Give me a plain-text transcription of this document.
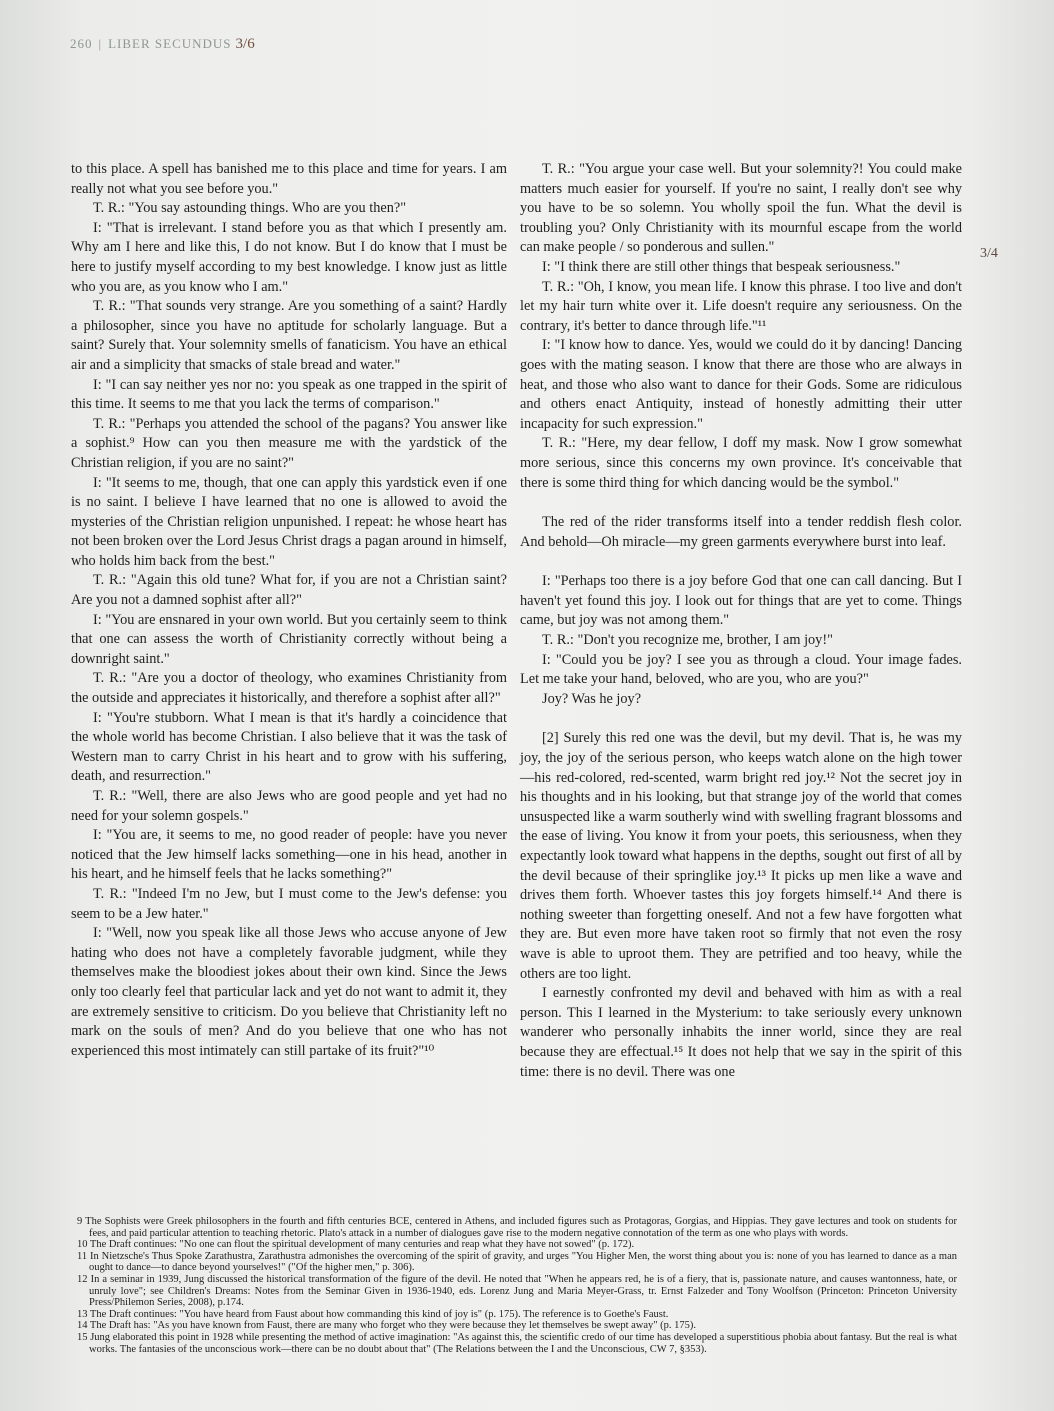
260 | LIBER SECUNDUS 3/6

to this place. A spell has banished me to this place and time for years. I am really not what you see before you."

T. R.: "You say astounding things. Who are you then?"

I: "That is irrelevant. I stand before you as that which I presently am. Why am I here and like this, I do not know. But I do know that I must be here to justify myself according to my best knowledge. I know just as little who you are, as you know who I am."

T. R.: "That sounds very strange. Are you something of a saint? Hardly a philosopher, since you have no aptitude for scholarly language. But a saint? Surely that. Your solemnity smells of fanaticism. You have an ethical air and a simplicity that smacks of stale bread and water."

I: "I can say neither yes nor no: you speak as one trapped in the spirit of this time. It seems to me that you lack the terms of comparison."

T. R.: "Perhaps you attended the school of the pagans? You answer like a sophist.⁹ How can you then measure me with the yardstick of the Christian religion, if you are no saint?"

I: "It seems to me, though, that one can apply this yardstick even if one is no saint. I believe I have learned that no one is allowed to avoid the mysteries of the Christian religion unpunished. I repeat: he whose heart has not been broken over the Lord Jesus Christ drags a pagan around in himself, who holds him back from the best."

T. R.: "Again this old tune? What for, if you are not a Christian saint? Are you not a damned sophist after all?"

I: "You are ensnared in your own world. But you certainly seem to think that one can assess the worth of Christianity correctly without being a downright saint."

T. R.: "Are you a doctor of theology, who examines Christianity from the outside and appreciates it historically, and therefore a sophist after all?"

I: "You're stubborn. What I mean is that it's hardly a coincidence that the whole world has become Christian. I also believe that it was the task of Western man to carry Christ in his heart and to grow with his suffering, death, and resurrection."

T. R.: "Well, there are also Jews who are good people and yet had no need for your solemn gospels."

I: "You are, it seems to me, no good reader of people: have you never noticed that the Jew himself lacks something—one in his head, another in his heart, and he himself feels that he lacks something?"

T. R.: "Indeed I'm no Jew, but I must come to the Jew's defense: you seem to be a Jew hater."

I: "Well, now you speak like all those Jews who accuse anyone of Jew hating who does not have a completely favorable judgment, while they themselves make the bloodiest jokes about their own kind. Since the Jews only too clearly feel that particular lack and yet do not want to admit it, they are extremely sensitive to criticism. Do you believe that Christianity left no mark on the souls of men? And do you believe that one who has not experienced this most intimately can still partake of its fruit?"¹⁰

T. R.: "You argue your case well. But your solemnity?! You could make matters much easier for yourself. If you're no saint, I really don't see why you have to be so solemn. You wholly spoil the fun. What the devil is troubling you? Only Christianity with its mournful escape from the world can make people / so ponderous and sullen."

I: "I think there are still other things that bespeak seriousness."

T. R.: "Oh, I know, you mean life. I know this phrase. I too live and don't let my hair turn white over it. Life doesn't require any seriousness. On the contrary, it's better to dance through life."¹¹

I: "I know how to dance. Yes, would we could do it by dancing! Dancing goes with the mating season. I know that there are those who are always in heat, and those who also want to dance for their Gods. Some are ridiculous and others enact Antiquity, instead of honestly admitting their utter incapacity for such expression."

T. R.: "Here, my dear fellow, I doff my mask. Now I grow somewhat more serious, since this concerns my own province. It's conceivable that there is some third thing for which dancing would be the symbol."

The red of the rider transforms itself into a tender reddish flesh color. And behold—Oh miracle—my green garments everywhere burst into leaf.

I: "Perhaps too there is a joy before God that one can call dancing. But I haven't yet found this joy. I look out for things that are yet to come. Things came, but joy was not among them."

T. R.: "Don't you recognize me, brother, I am joy!"

I: "Could you be joy? I see you as through a cloud. Your image fades. Let me take your hand, beloved, who are you, who are you?"

Joy? Was he joy?

[2] Surely this red one was the devil, but my devil. That is, he was my joy, the joy of the serious person, who keeps watch alone on the high tower—his red-colored, red-scented, warm bright red joy.¹² Not the secret joy in his thoughts and in his looking, but that strange joy of the world that comes unsuspected like a warm southerly wind with swelling fragrant blossoms and the ease of living. You know it from your poets, this seriousness, when they expectantly look toward what happens in the depths, sought out first of all by the devil because of their springlike joy.¹³ It picks up men like a wave and drives them forth. Whoever tastes this joy forgets himself.¹⁴ And there is nothing sweeter than forgetting oneself. And not a few have forgotten what they are. But even more have taken root so firmly that not even the rosy wave is able to uproot them. They are petrified and too heavy, while the others are too light.

I earnestly confronted my devil and behaved with him as with a real person. This I learned in the Mysterium: to take seriously every unknown wanderer who personally inhabits the inner world, since they are real because they are effectual.¹⁵ It does not help that we say in the spirit of this time: there is no devil. There was one

3/4

9 The Sophists were Greek philosophers in the fourth and fifth centuries BCE, centered in Athens, and included figures such as Protagoras, Gorgias, and Hippias. They gave lectures and took on students for fees, and paid particular attention to teaching rhetoric. Plato's attack in a number of dialogues gave rise to the modern negative connotation of the term as one who plays with words.

10 The Draft continues: "No one can flout the spiritual development of many centuries and reap what they have not sowed" (p. 172).

11 In Nietzsche's Thus Spoke Zarathustra, Zarathustra admonishes the overcoming of the spirit of gravity, and urges "You Higher Men, the worst thing about you is: none of you has learned to dance as a man ought to dance—to dance beyond yourselves!" ("Of the higher men," p. 306).

12 In a seminar in 1939, Jung discussed the historical transformation of the figure of the devil. He noted that "When he appears red, he is of a fiery, that is, passionate nature, and causes wantonness, hate, or unruly love"; see Children's Dreams: Notes from the Seminar Given in 1936-1940, eds. Lorenz Jung and Maria Meyer-Grass, tr. Ernst Falzeder and Tony Woolfson (Princeton: Princeton University Press/Philemon Series, 2008), p.174.

13 The Draft continues: "You have heard from Faust about how commanding this kind of joy is" (p. 175). The reference is to Goethe's Faust.

14 The Draft has: "As you have known from Faust, there are many who forget who they were because they let themselves be swept away" (p. 175).

15 Jung elaborated this point in 1928 while presenting the method of active imagination: "As against this, the scientific credo of our time has developed a superstitious phobia about fantasy. But the real is what works. The fantasies of the unconscious work—there can be no doubt about that" (The Relations between the I and the Unconscious, CW 7, §353).
